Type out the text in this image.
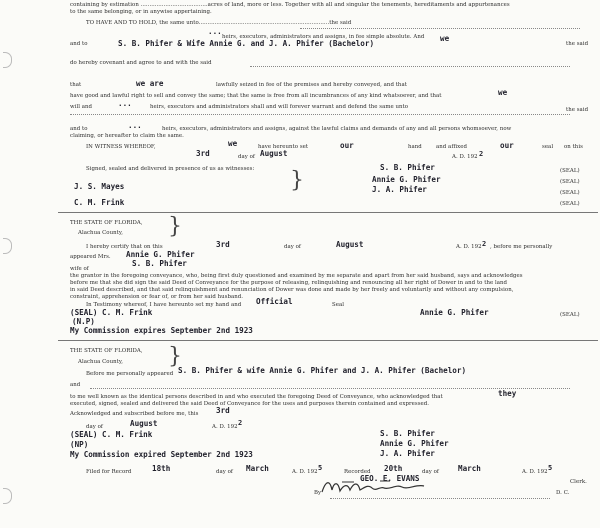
containing by estimation ......................................acres of land, more or less. Together with all and singular the tenements, hereditaments and appurtenances
to the same belonging, or in anywise appertaining.
TO HAVE AND TO HOLD, the same unto..........................................................................the said
...
and to	S. B. Phifer & Wife Annie G. and J. A. Phifer (Bachelor)
heirs, executors, administrators and assigns, in fee simple absolute. And we
the said
do hereby covenant and agree to and with the said
that	we are	lawfully seized in fee of the premises and hereby conveyed, and that
have good and lawful right to sell and convey the same; that the same is free from all incumbrances of any kind whatsoever, and that	we
will and	...	heirs, executors and administrators shall and will forever warrant and defend the same unto	the said
and to	...	heirs, executors, administrators and assigns, against the lawful claims and demands of any and all persons whomsoever, now
claiming, or hereafter to claim the same.
IN WITNESS WHEREOF,	we	have hereunto set	our	hand	and affixed	our	seal on this
3rd	day of August	A. D. 192 2
Signed, sealed and delivered in presence of us as witnesses:
J. S. Mayes
C. M. Frink
}
S. B. Phifer	(SEAL)
Annie G. Phifer	(SEAL)
J. A. Phifer	(SEAL)
(SEAL)
THE STATE OF FLORIDA,
Alachua County, }
I hereby certify that on this	3rd	day of	August	A. D. 192 2 , before me personally
appeared Mrs. Annie G. Phifer
wife of
S. B. Phifer
the grantor in the foregoing conveyance, who, being first duly questioned and examined by me separate and apart from her said husband, says and acknowledges
before me that she did sign the said Deed of Conveyance for the purpose of releasing, relinquishing and renouncing all her right of Dower in and to the land
in said Deed described, and that said relinquishment and renunciation of Dower was done and made by her freely and voluntarily and without any compulsion,
constraint, apprehension or fear of, or from her said husband.
In Testimony whereof, I have hereunto set my hand and Official	Seal
(SEAL) C. M. Frink
(N.P)
My Commission expires September 2nd 1923
Annie G. Phifer	(SEAL)
THE STATE OF FLORIDA,
Alachua County, }
Before me personally appeared S. B. Phifer & wife Annie G. Phifer and J. A. Phifer (Bachelor)
and
to me well known as the identical persons described in and who executed the foregoing Deed of Conveyance, who acknowledged that	they
executed, signed, sealed and delivered the said Deed of Conveyance for the uses and purposes therein contained and expressed.
Acknowledged and subscribed before me, this 3rd
day of	August	A. D. 192 2
(SEAL) C. M. Frink
(NP)
My Commission expired September 2nd 1923
S. B. Phifer
Annie G. Phifer
J. A. Phifer
Filed for Record	18th	day of March	A. D. 192 5	Recorded 20th	day of	March	A. D. 192 5
GEO. E. EVANS	Clerk.
By	D. C.
